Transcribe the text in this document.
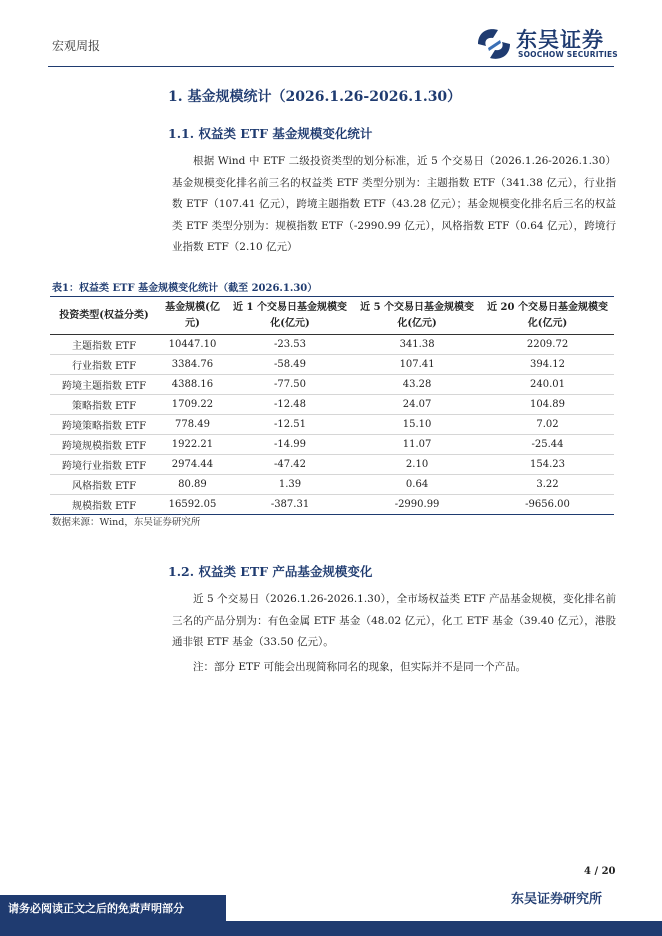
宏观周报	东吴证券
SOOCHOW SECURITIES
1. 基金规模统计（2026.1.26-2026.1.30）
1.1. 权益类 ETF 基金规模变化统计

根据 Wind 中 ETF 二级投资类型的划分标准，近 5 个交易日（2026.1.26-2026.1.30）基金规模变化排名前三名的权益类 ETF 类型分别为：主题指数 ETF（341.38 亿元），行业指数 ETF（107.41 亿元），跨境主题指数 ETF（43.28 亿元）；基金规模变化排名后三名的权益类 ETF 类型分别为：规模指数 ETF（-2990.99 亿元），风格指数 ETF（0.64 亿元），跨境行业指数 ETF（2.10 亿元）

表1：权益类 ETF 基金规模变化统计（截至 2026.1.30）
投资类型(权益分类)	基金规模(亿元)	近 1 个交易日基金规模变化(亿元)	近 5 个交易日基金规模变化(亿元)	近 20 个交易日基金规模变化(亿元)
主题指数 ETF	10447.10	-23.53	341.38	2209.72
行业指数 ETF	3384.76	-58.49	107.41	394.12
跨境主题指数 ETF	4388.16	-77.50	43.28	240.01
策略指数 ETF	1709.22	-12.48	24.07	104.89
跨境策略指数 ETF	778.49	-12.51	15.10	7.02
跨境规模指数 ETF	1922.21	-14.99	11.07	-25.44
跨境行业指数 ETF	2974.44	-47.42	2.10	154.23
风格指数 ETF	80.89	1.39	0.64	3.22
规模指数 ETF	16592.05	-387.31	-2990.99	-9656.00
数据来源：Wind，东吴证券研究所
1.2. 权益类 ETF 产品基金规模变化

近 5 个交易日（2026.1.26-2026.1.30），全市场权益类 ETF 产品基金规模，变化排名前三名的产品分别为：有色金属 ETF 基金（48.02 亿元），化工 ETF 基金（39.40 亿元），港股通非银 ETF 基金（33.50 亿元）。

注：部分 ETF 可能会出现简称同名的现象，但实际并不是同一个产品。

4 / 20
东吴证券研究所
请务必阅读正文之后的免责声明部分
